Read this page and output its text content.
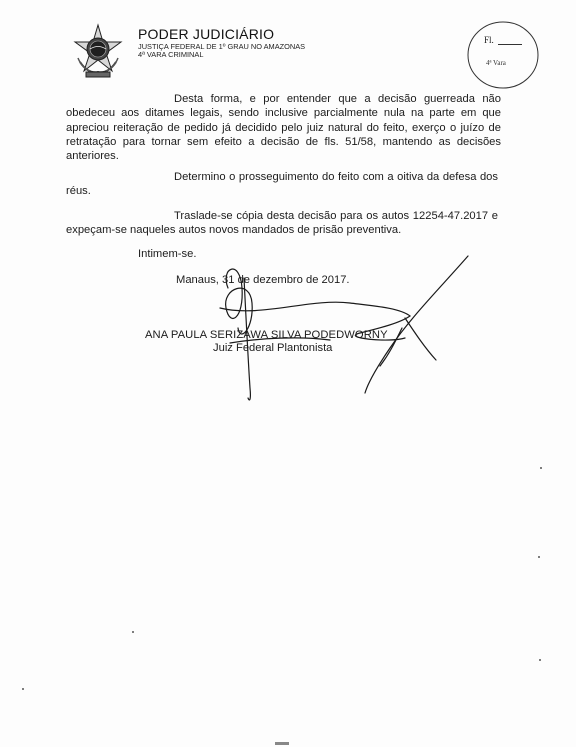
PODER JUDICIÁRIO
JUSTIÇA FEDERAL DE 1º GRAU NO AMAZONAS
4ª VARA CRIMINAL
Fl.
4ª Vara
Desta forma, e por entender que a decisão guerreada não obedeceu aos ditames legais, sendo inclusive parcialmente nula na parte em que apreciou reiteração de pedido já decidido pelo juiz natural do feito, exerço o juízo de retratação para tornar sem efeito a decisão de fls. 51/58, mantendo as decisões anteriores.
Determino o prosseguimento do feito com a oitiva da defesa dos réus.
Traslade-se cópia desta decisão para os autos 12254-47.2017 e expeçam-se naqueles autos novos mandados de prisão preventiva.
Intimem-se.
Manaus, 31 de dezembro de 2017.
ANA PAULA SERIZAWA SILVA PODEDWORNY
Juiz Federal Plantonista
